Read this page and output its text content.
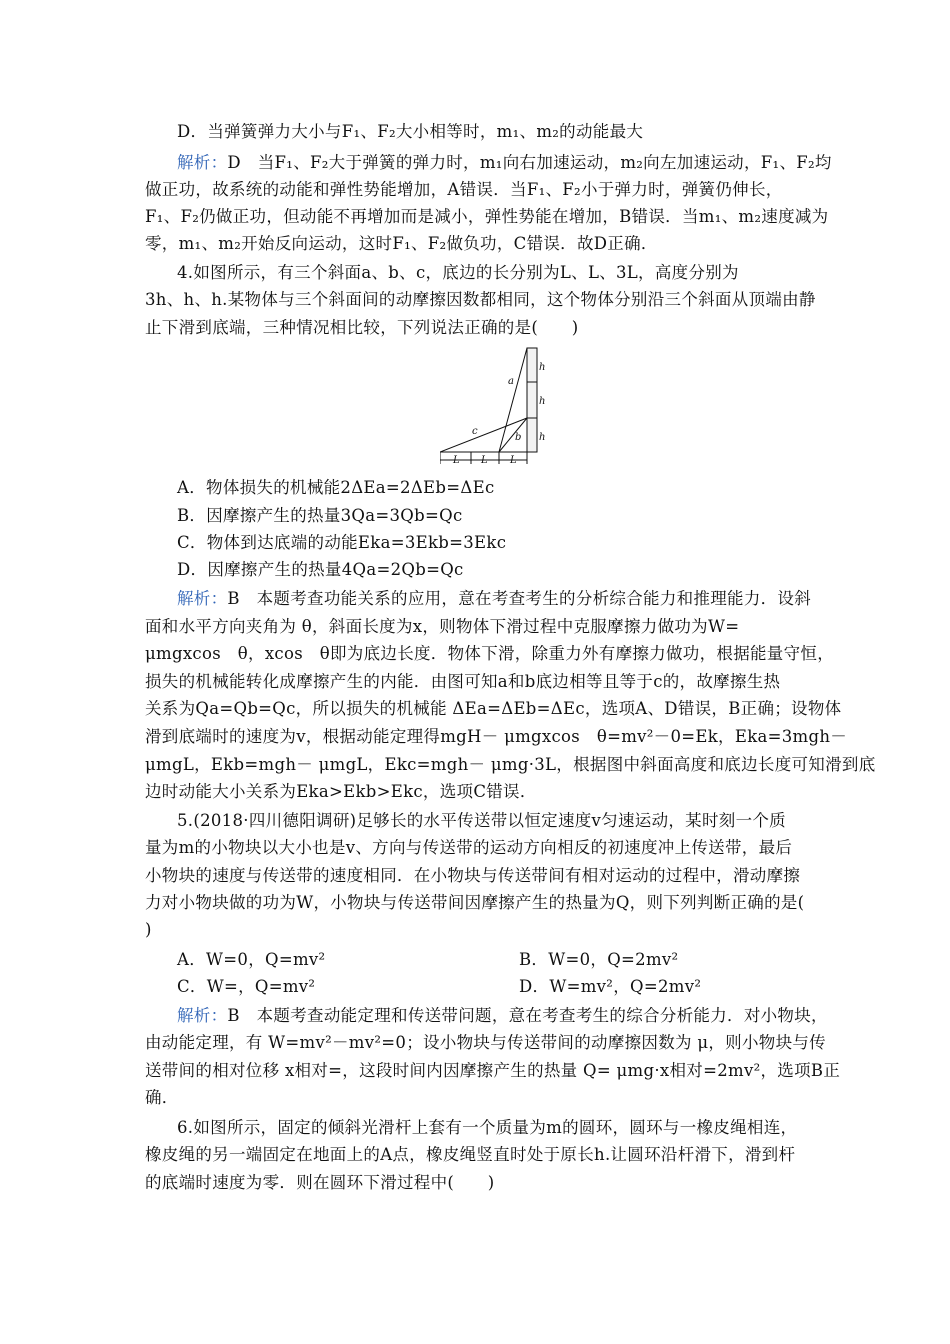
D．当弹簧弹力大小与F₁、F₂大小相等时，m₁、m₂的动能最大
解析：D　当F₁、F₂大于弹簧的弹力时，m₁向右加速运动，m₂向左加速运动，F₁、F₂均
做正功，故系统的动能和弹性势能增加，A错误．当F₁、F₂小于弹力时，弹簧仍伸长，
F₁、F₂仍做正功，但动能不再增加而是减小，弹性势能在增加，B错误．当m₁、m₂速度减为
零，m₁、m₂开始反向运动，这时F₁、F₂做负功，C错误．故D正确．
4.如图所示，有三个斜面a、b、c，底边的长分别为L、L、3L，高度分别为
3h、h、h.某物体与三个斜面间的动摩擦因数都相同，这个物体分别沿三个斜面从顶端由静
止下滑到底端，三种情况相比较，下列说法正确的是(　　)
a
b
c
h
h
h
L L L
A．物体损失的机械能2ΔEa=2ΔEb=ΔEc
B．因摩擦产生的热量3Qa=3Qb=Qc
C．物体到达底端的动能Eka=3Ekb=3Ekc
D．因摩擦产生的热量4Qa=2Qb=Qc
解析：B　本题考查功能关系的应用，意在考查考生的分析综合能力和推理能力．设斜
面和水平方向夹角为 θ，斜面长度为x，则物体下滑过程中克服摩擦力做功为W=
μmgxcos　θ，xcos　θ即为底边长度．物体下滑，除重力外有摩擦力做功，根据能量守恒，
损失的机械能转化成摩擦产生的内能．由图可知a和b底边相等且等于c的，故摩擦生热
关系为Qa=Qb=Qc，所以损失的机械能 ΔEa=ΔEb=ΔEc，选项A、D错误，B正确；设物体
滑到底端时的速度为v，根据动能定理得mgH－ μmgxcos　θ=mv²－0=Ek，Eka=3mgh－
μmgL，Ekb=mgh－ μmgL，Ekc=mgh－ μmg·3L，根据图中斜面高度和底边长度可知滑到底
边时动能大小关系为Eka>Ekb>Ekc，选项C错误．
5.(2018·四川德阳调研)足够长的水平传送带以恒定速度v匀速运动，某时刻一个质
量为m的小物块以大小也是v、方向与传送带的运动方向相反的初速度冲上传送带，最后
小物块的速度与传送带的速度相同．在小物块与传送带间有相对运动的过程中，滑动摩擦
力对小物块做的功为W，小物块与传送带间因摩擦产生的热量为Q，则下列判断正确的是(
)
A．W=0，Q=mv²	B．W=0，Q=2mv²
C．W=，Q=mv²	D．W=mv²，Q=2mv²
解析：B　本题考查动能定理和传送带问题，意在考查考生的综合分析能力．对小物块，
由动能定理，有 W=mv²－mv²=0；设小物块与传送带间的动摩擦因数为 μ，则小物块与传
送带间的相对位移 x相对=，这段时间内因摩擦产生的热量 Q= μmg·x相对=2mv²，选项B正
确．
6.如图所示，固定的倾斜光滑杆上套有一个质量为m的圆环，圆环与一橡皮绳相连，
橡皮绳的另一端固定在地面上的A点，橡皮绳竖直时处于原长h.让圆环沿杆滑下，滑到杆
的底端时速度为零．则在圆环下滑过程中(　　)
